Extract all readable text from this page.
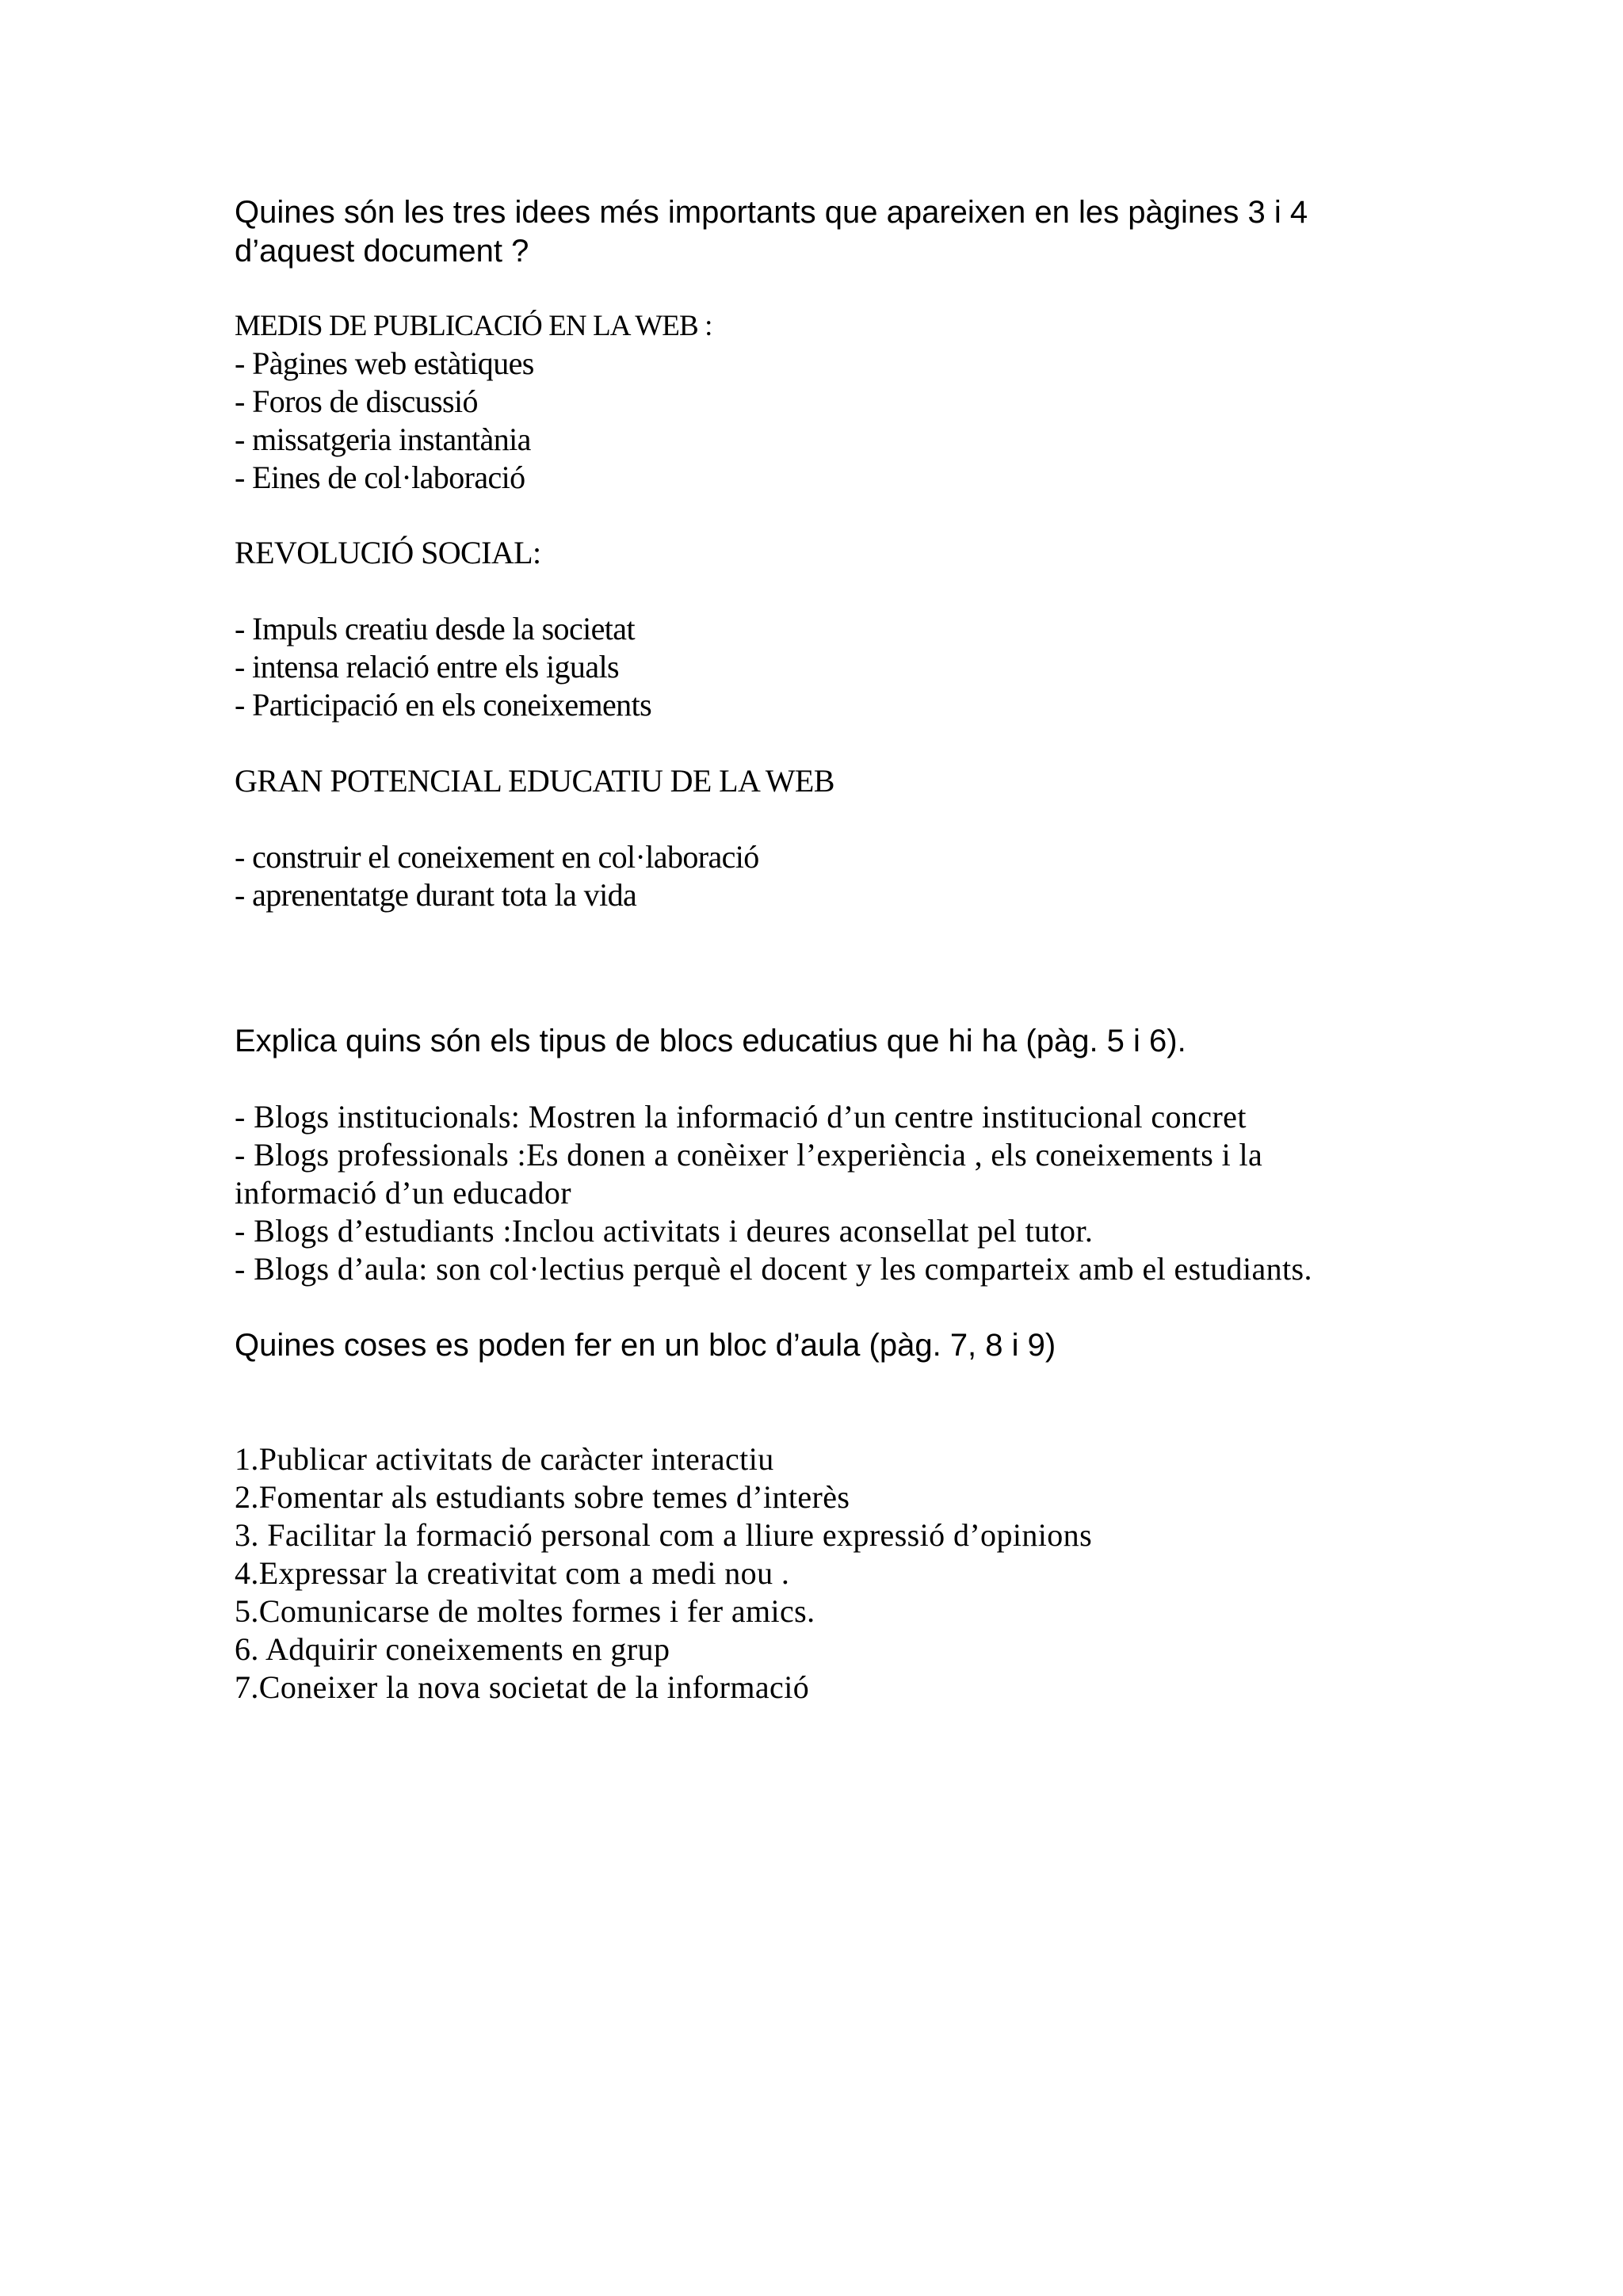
Quines són les tres idees més importants que apareixen en les pàgines 3 i 4
d’aquest document ?
MEDIS DE PUBLICACIÓ EN LA WEB :
- Pàgines web estàtiques
- Foros de discussió
- missatgeria instantània
- Eines de col·laboració
REVOLUCIÓ SOCIAL:
- Impuls creatiu desde la societat
- intensa relació entre els iguals
- Participació en els coneixements
GRAN POTENCIAL EDUCATIU DE LA WEB
- construir el coneixement en col·laboració
- aprenentatge durant tota la vida
Explica quins són els tipus de blocs educatius que hi ha (pàg. 5 i 6).
- Blogs institucionals: Mostren la informació d’un centre institucional concret
- Blogs professionals :Es donen a conèixer l’experiència , els coneixements i la
informació d’un educador
- Blogs d’estudiants :Inclou activitats i deures aconsellat pel tutor.
- Blogs d’aula: son col·lectius perquè el docent y les comparteix amb el estudiants.
Quines coses es poden fer en un bloc d’aula (pàg. 7, 8 i 9)
1.Publicar activitats de caràcter interactiu
2.Fomentar als estudiants sobre temes d’interès
3. Facilitar la formació personal com a lliure expressió d’opinions
4.Expressar la creativitat com a medi nou .
5.Comunicarse de moltes formes i fer amics.
6. Adquirir coneixements en grup
7.Coneixer la nova societat de la informació
